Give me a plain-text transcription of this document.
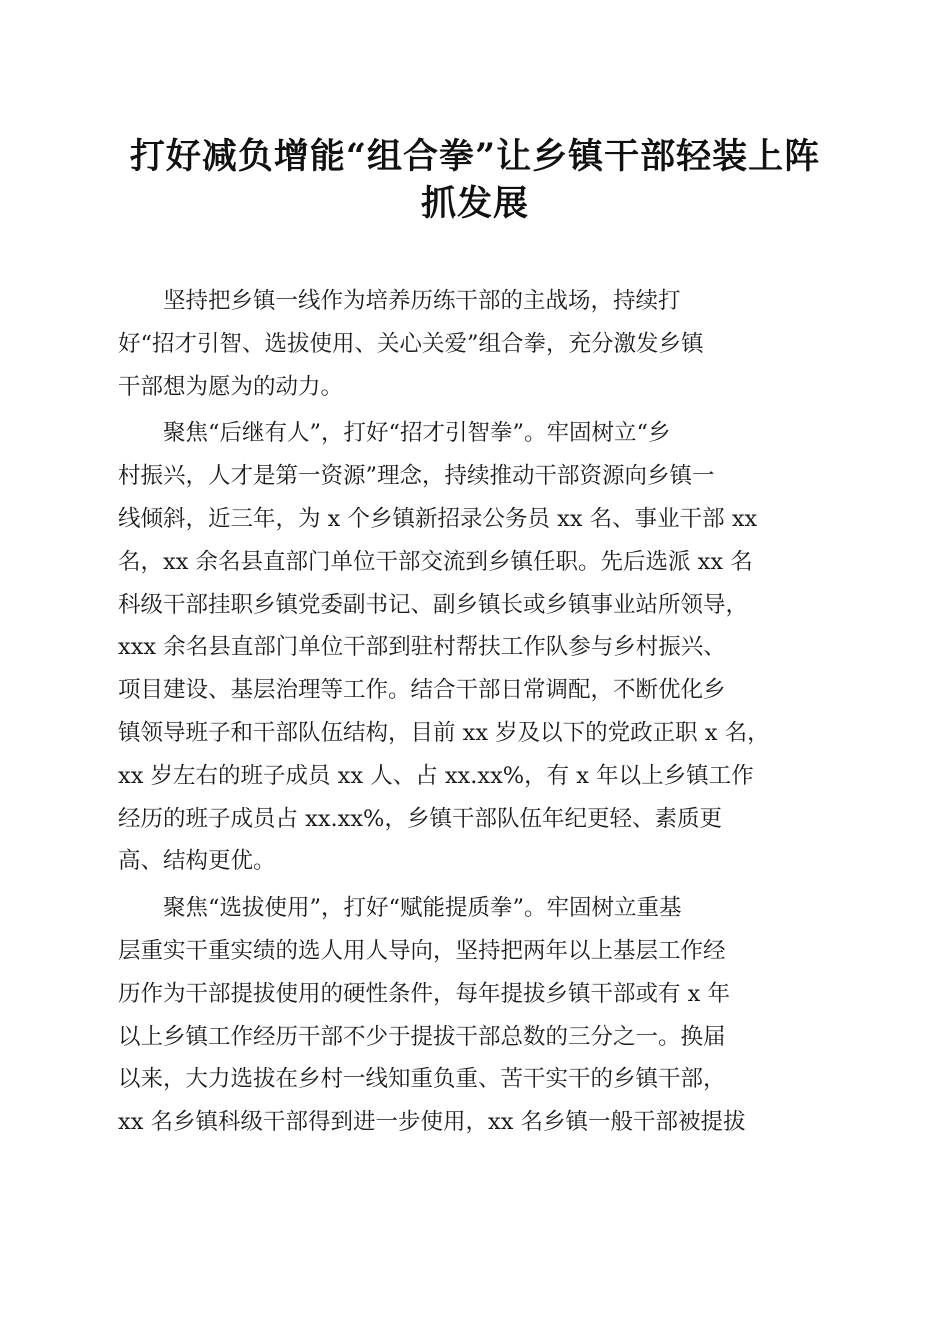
打好减负增能“组合拳”让乡镇干部轻装上阵
抓发展

坚持把乡镇一线作为培养历练干部的主战场，持续打
好“招才引智、选拔使用、关心关爱”组合拳，充分激发乡镇
干部想为愿为的动力。

聚焦“后继有人”，打好“招才引智拳”。牢固树立“乡
村振兴，人才是第一资源”理念，持续推动干部资源向乡镇一
线倾斜，近三年，为 x 个乡镇新招录公务员 xx 名、事业干部 xx
名，xx 余名县直部门单位干部交流到乡镇任职。先后选派 xx 名
科级干部挂职乡镇党委副书记、副乡镇长或乡镇事业站所领导，
xxx 余名县直部门单位干部到驻村帮扶工作队参与乡村振兴、
项目建设、基层治理等工作。结合干部日常调配，不断优化乡
镇领导班子和干部队伍结构，目前 xx 岁及以下的党政正职 x 名，
xx 岁左右的班子成员 xx 人、占 xx.xx%，有 x 年以上乡镇工作
经历的班子成员占 xx.xx%，乡镇干部队伍年纪更轻、素质更
高、结构更优。

聚焦“选拔使用”，打好“赋能提质拳”。牢固树立重基
层重实干重实绩的选人用人导向，坚持把两年以上基层工作经
历作为干部提拔使用的硬性条件，每年提拔乡镇干部或有 x 年
以上乡镇工作经历干部不少于提拔干部总数的三分之一。换届
以来，大力选拔在乡村一线知重负重、苦干实干的乡镇干部，
xx 名乡镇科级干部得到进一步使用，xx 名乡镇一般干部被提拔
